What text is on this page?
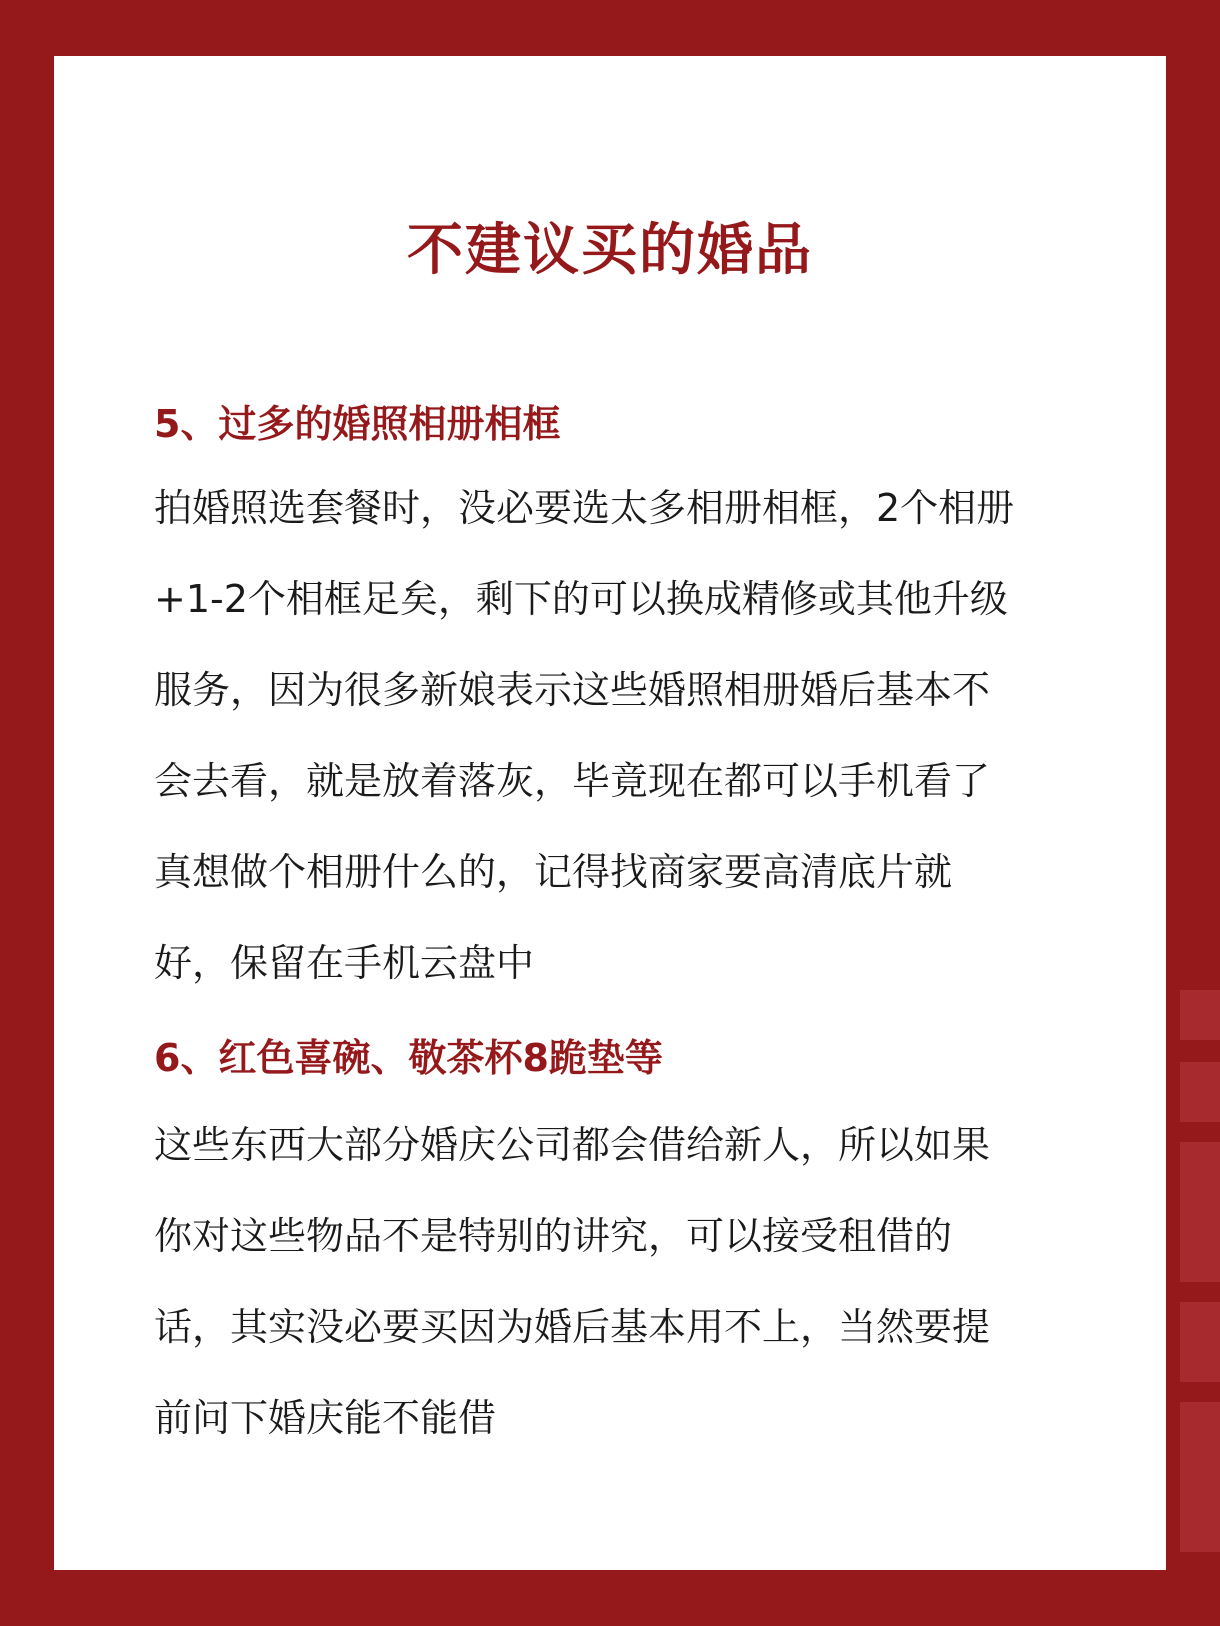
不建议买的婚品
5、过多的婚照相册相框

拍婚照选套餐时，没必要选太多相册相框，2个相册
+1-2个相框足矣，剩下的可以换成精修或其他升级
服务，因为很多新娘表示这些婚照相册婚后基本不
会去看，就是放着落灰，毕竟现在都可以手机看了
真想做个相册什么的，记得找商家要高清底片就
好，保留在手机云盘中

6、红色喜碗、敬茶杯8跪垫等

这些东西大部分婚庆公司都会借给新人，所以如果
你对这些物品不是特别的讲究，可以接受租借的
话，其实没必要买因为婚后基本用不上，当然要提
前问下婚庆能不能借
